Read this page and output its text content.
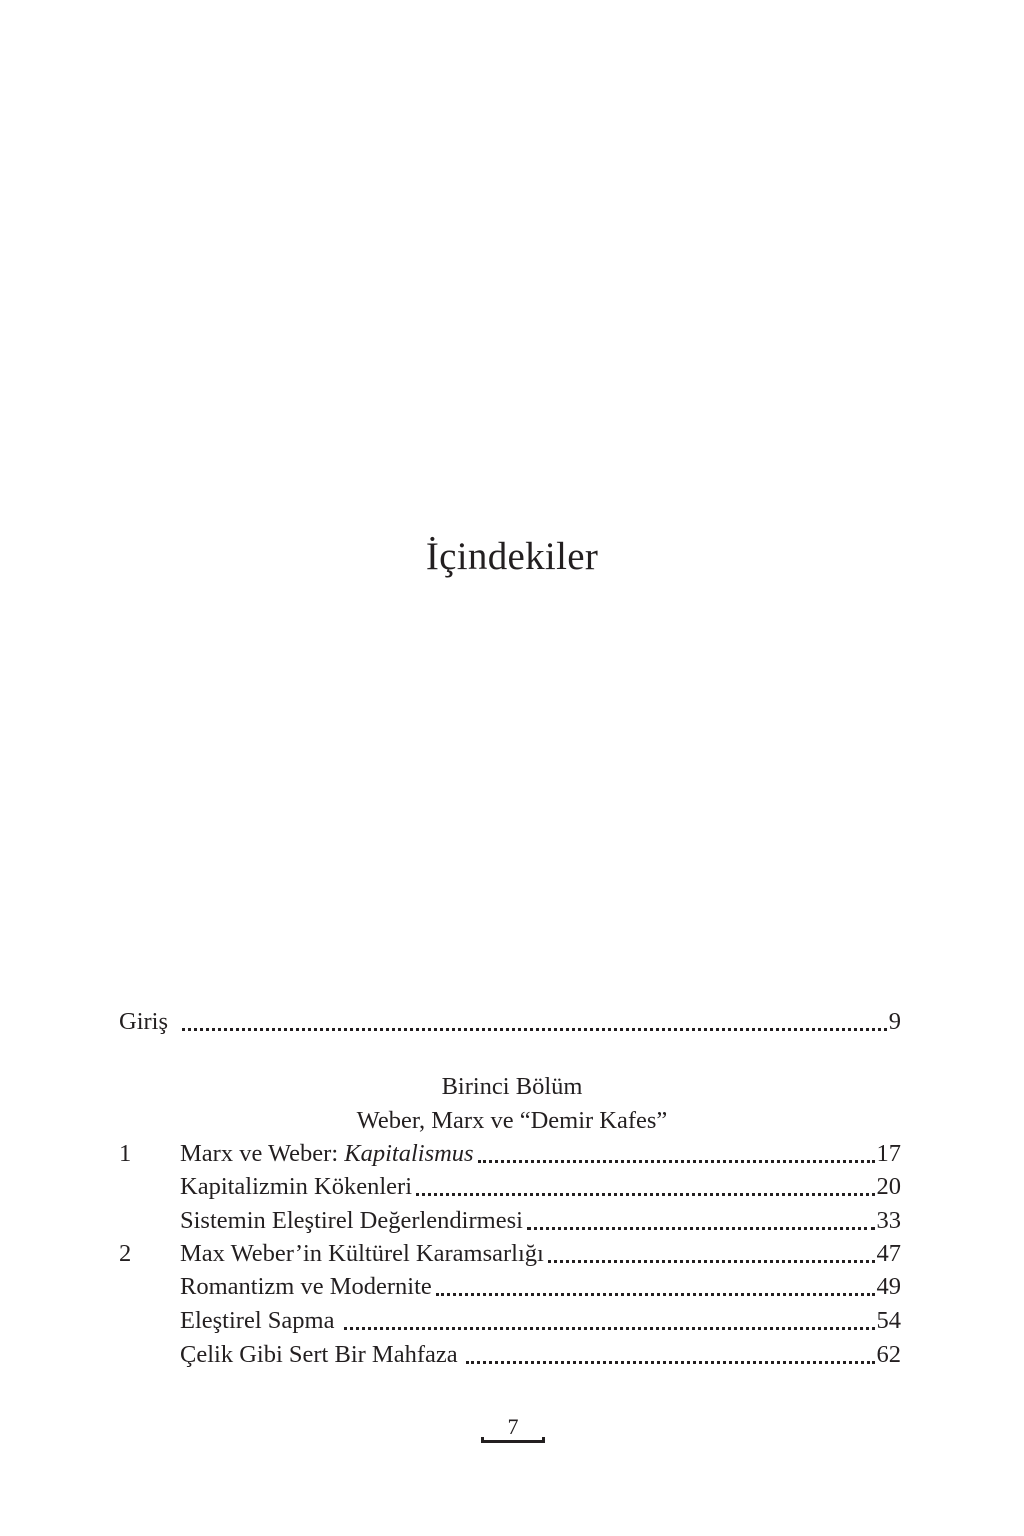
İçindekiler
Giriş	9
1	Marx ve Weber: Kapitalismus	17
Kapitalizmin Kökenleri	20
Sistemin Eleştirel Değerlendirmesi	33
2	Max Weber’in Kültürel Karamsarlığı	47
Romantizm ve Modernite	49
Eleştirel Sapma	54
Çelik Gibi Sert Bir Mahfaza	62
Birinci Bölüm
Weber, Marx ve “Demir Kafes”
7
